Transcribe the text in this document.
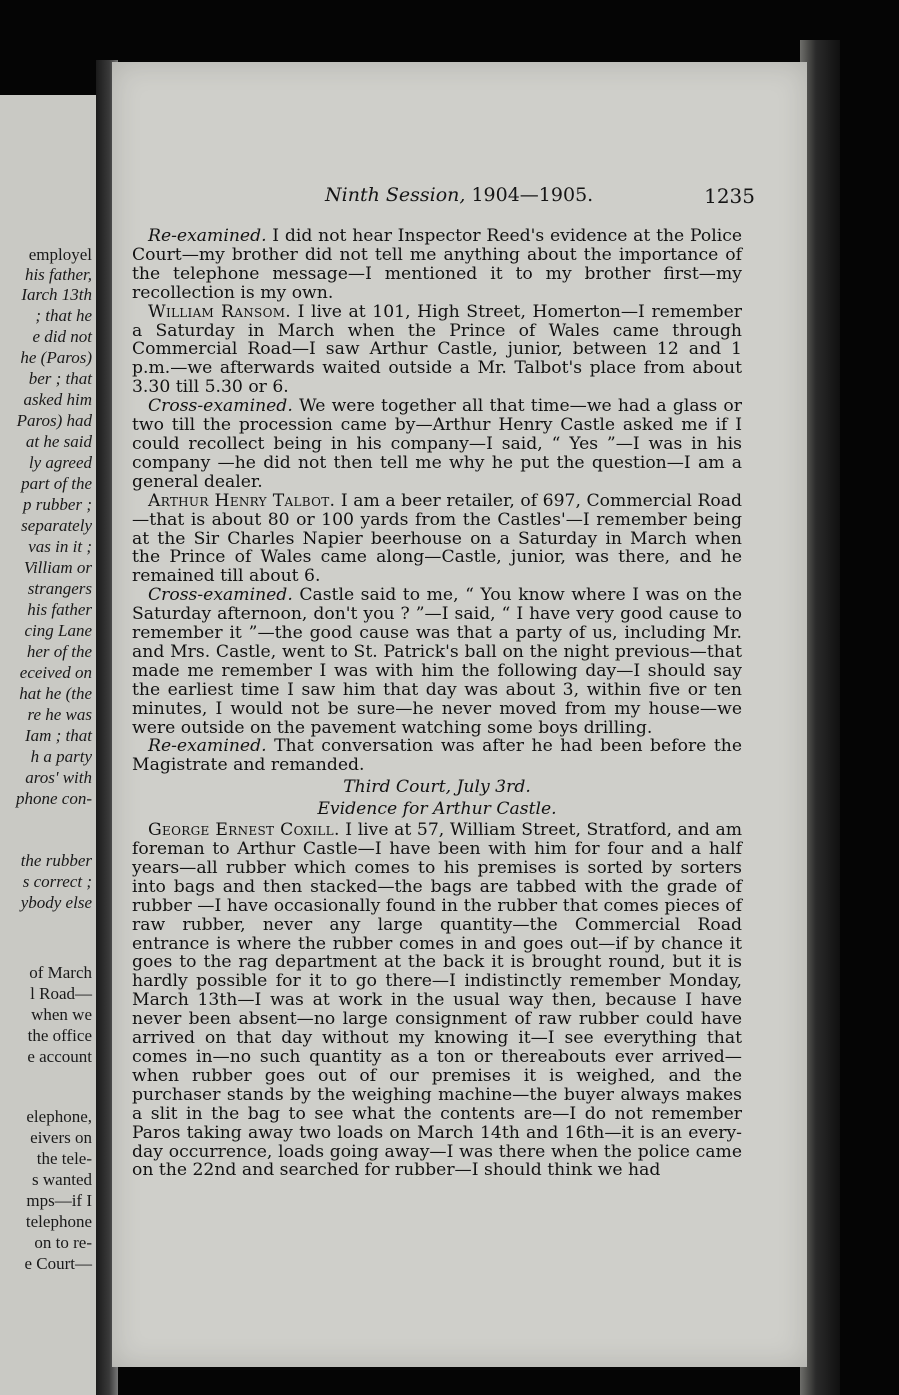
employel
his father,
Iarch 13th
; that he
e did not
he (Paros)
ber ; that
asked him
Paros) had
at he said
ly agreed
part of the
p rubber ;
separately
vas in it ;
Villiam or
strangers
his father
cing Lane
her of the
eceived on
hat he (the
re he was
Iam ; that
h a party
aros' with
phone con-
the rubber
s correct ;
ybody else
of March
l Road—
when we
the office
e account
elephone,
eivers on
the tele-
s wanted
mps—if I
telephone
on to re-
e Court—
Ninth Session, 1904—1905.	1235

Re-examined. I did not hear Inspector Reed's evidence at the Police Court—my brother did not tell me anything about the importance of the telephone message—I mentioned it to my brother first—my recollection is my own.

William Ransom. I live at 101, High Street, Homerton—I remember a Saturday in March when the Prince of Wales came through Commercial Road—I saw Arthur Castle, junior, between 12 and 1 p.m.—we afterwards waited outside a Mr. Talbot's place from about 3.30 till 5.30 or 6.

Cross-examined. We were together all that time—we had a glass or two till the procession came by—Arthur Henry Castle asked me if I could recollect being in his company—I said, “ Yes ”—I was in his company —he did not then tell me why he put the question—I am a general dealer.

Arthur Henry Talbot. I am a beer retailer, of 697, Commercial Road—that is about 80 or 100 yards from the Castles'—I remember being at the Sir Charles Napier beerhouse on a Saturday in March when the Prince of Wales came along—Castle, junior, was there, and he remained till about 6.

Cross-examined. Castle said to me, “ You know where I was on the Saturday afternoon, don't you ? ”—I said, “ I have very good cause to remember it ”—the good cause was that a party of us, including Mr. and Mrs. Castle, went to St. Patrick's ball on the night previous—that made me remember I was with him the following day—I should say the earliest time I saw him that day was about 3, within five or ten minutes, I would not be sure—he never moved from my house—we were outside on the pavement watching some boys drilling.

Re-examined. That conversation was after he had been before the Magistrate and remanded.

Third Court, July 3rd.
Evidence for Arthur Castle.

George Ernest Coxill. I live at 57, William Street, Stratford, and am foreman to Arthur Castle—I have been with him for four and a half years—all rubber which comes to his premises is sorted by sorters into bags and then stacked—the bags are tabbed with the grade of rubber —I have occasionally found in the rubber that comes pieces of raw rubber, never any large quantity—the Commercial Road entrance is where the rubber comes in and goes out—if by chance it goes to the rag department at the back it is brought round, but it is hardly possible for it to go there—I indistinctly remember Monday, March 13th—I was at work in the usual way then, because I have never been absent—no large consignment of raw rubber could have arrived on that day without my knowing it—I see everything that comes in—no such quantity as a ton or thereabouts ever arrived—when rubber goes out of our premises it is weighed, and the purchaser stands by the weighing machine—the buyer always makes a slit in the bag to see what the contents are—I do not remember Paros taking away two loads on March 14th and 16th—it is an every-day occurrence, loads going away—I was there when the police came on the 22nd and searched for rubber—I should think we had
